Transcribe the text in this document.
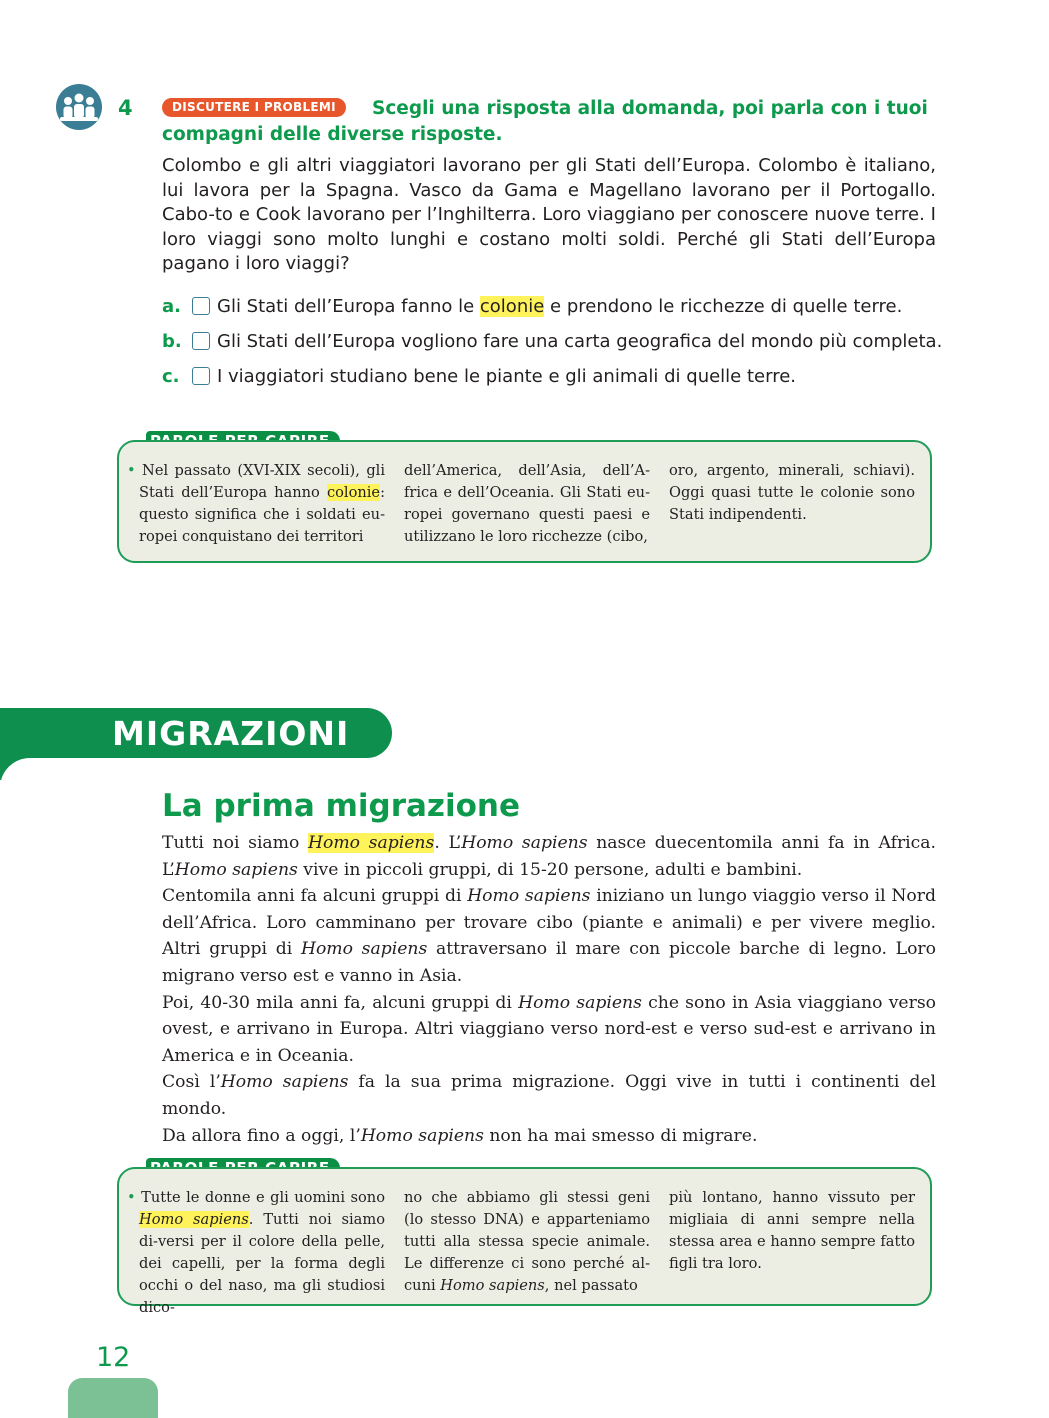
4	Scegli una risposta alla domanda, poi parla con i tuoi compagni delle diverse risposte.
DISCUTERE I PROBLEMI
Colombo e gli altri viaggiatori lavorano per gli Stati dell’Europa. Colombo è italiano, lui lavora per la Spagna. Vasco da Gama e Magellano lavorano per il Portogallo. Cabo-to e Cook lavorano per l’Inghilterra. Loro viaggiano per conoscere nuove terre. I loro viaggi sono molto lunghi e costano molti soldi. Perché gli Stati dell’Europa pagano i loro viaggi?
a.	Gli Stati dell’Europa fanno le colonie e prendono le ricchezze di quelle terre.
b.	Gli Stati dell’Europa vogliono fare una carta geografica del mondo più completa.
c.	I viaggiatori studiano bene le piante e gli animali di quelle terre.
• Nel passato (XVI-XIX secoli), gli Stati dell’Europa hanno colonie: questo significa che i soldati eu-ropei conquistano dei territori
dell’America, dell’Asia, dell’A-frica e dell’Oceania. Gli Stati eu-ropei governano questi paesi e utilizzano le loro ricchezze (cibo,
oro, argento, minerali, schiavi). Oggi quasi tutte le colonie sono Stati indipendenti.
MIGRAZIONI
La prima migrazione

Tutti noi siamo Homo sapiens. L’Homo sapiens nasce duecentomila anni fa in Africa. L’Homo sapiens vive in piccoli gruppi, di 15-20 persone, adulti e bambini.

Centomila anni fa alcuni gruppi di Homo sapiens iniziano un lungo viaggio verso il Nord dell’Africa. Loro camminano per trovare cibo (piante e animali) e per vivere meglio. Altri gruppi di Homo sapiens attraversano il mare con piccole barche di legno. Loro migrano verso est e vanno in Asia.

Poi, 40-30 mila anni fa, alcuni gruppi di Homo sapiens che sono in Asia viaggiano verso ovest, e arrivano in Europa. Altri viaggiano verso nord-est e verso sud-est e arrivano in America e in Oceania.

Così l’Homo sapiens fa la sua prima migrazione. Oggi vive in tutti i continenti del mondo.

Da allora fino a oggi, l’Homo sapiens non ha mai smesso di migrare.

• Tutte le donne e gli uomini sono Homo sapiens. Tutti noi siamo di-versi per il colore della pelle, dei capelli, per la forma degli occhi o del naso, ma gli studiosi dico-
no che abbiamo gli stessi geni (lo stesso DNA) e apparteniamo tutti alla stessa specie animale. Le differenze ci sono perché al-cuni Homo sapiens, nel passato
più lontano, hanno vissuto per migliaia di anni sempre nella stessa area e hanno sempre fatto figli tra loro.
12
